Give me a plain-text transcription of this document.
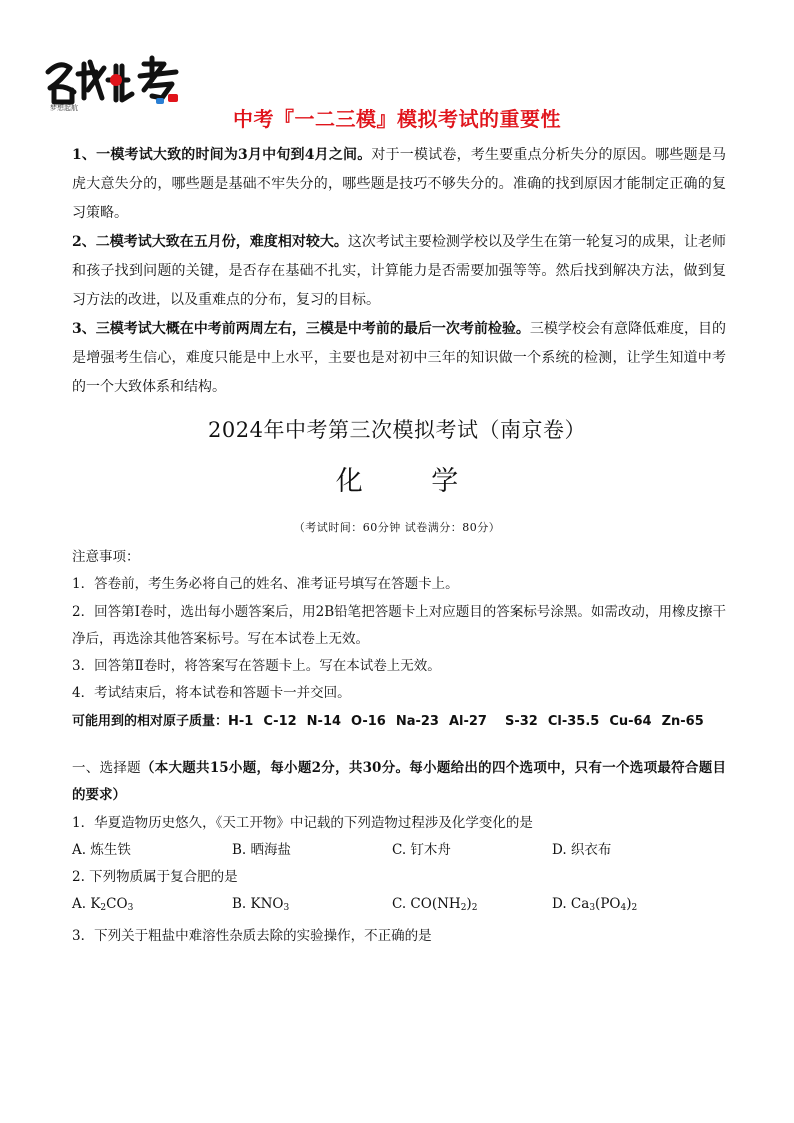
梦想起航	中考『一二三模』模拟考试的重要性

1、一模考试大致的时间为3月中旬到4月之间。对于一模试卷，考生要重点分析失分的原因。哪些题是马虎大意失分的，哪些题是基础不牢失分的，哪些题是技巧不够失分的。准确的找到原因才能制定正确的复习策略。

2、二模考试大致在五月份，难度相对较大。这次考试主要检测学校以及学生在第一轮复习的成果，让老师和孩子找到问题的关键，是否存在基础不扎实，计算能力是否需要加强等等。然后找到解决方法，做到复习方法的改进，以及重难点的分布，复习的目标。

3、三模考试大概在中考前两周左右，三模是中考前的最后一次考前检验。三模学校会有意降低难度，目的是增强考生信心，难度只能是中上水平，主要也是对初中三年的知识做一个系统的检测，让学生知道中考的一个大致体系和结构。

2024年中考第三次模拟考试（南京卷）
化 学
（考试时间：60分钟 试卷满分：80分）

注意事项：

1．答卷前，考生务必将自己的姓名、准考证号填写在答题卡上。

2．回答第Ⅰ卷时，选出每小题答案后，用2B铅笔把答题卡上对应题目的答案标号涂黑。如需改动，用橡皮擦干净后，再选涂其他答案标号。写在本试卷上无效。

3．回答第Ⅱ卷时，将答案写在答题卡上。写在本试卷上无效。

4．考试结束后，将本试卷和答题卡一并交回。

可能用到的相对原子质量：H-1 C-12 N-14 O-16 Na-23 Al-27 S-32 Cl-35.5 Cu-64 Zn-65

一、选择题（本大题共15小题，每小题2分，共30分。每小题给出的四个选项中，只有一个选项最符合题目的要求）

1．华夏造物历史悠久，《天工开物》中记载的下列造物过程涉及化学变化的是

A. 炼生铁	B. 晒海盐	C. 钉木舟	D. 织衣布

2. 下列物质属于复合肥的是

A. $K_2CO_3$	B. $KNO_3$	C. $CO(NH_2)_2$	D. $Ca_3(PO_4)_2$

3．下列关于粗盐中难溶性杂质去除的实验操作，不正确的是
